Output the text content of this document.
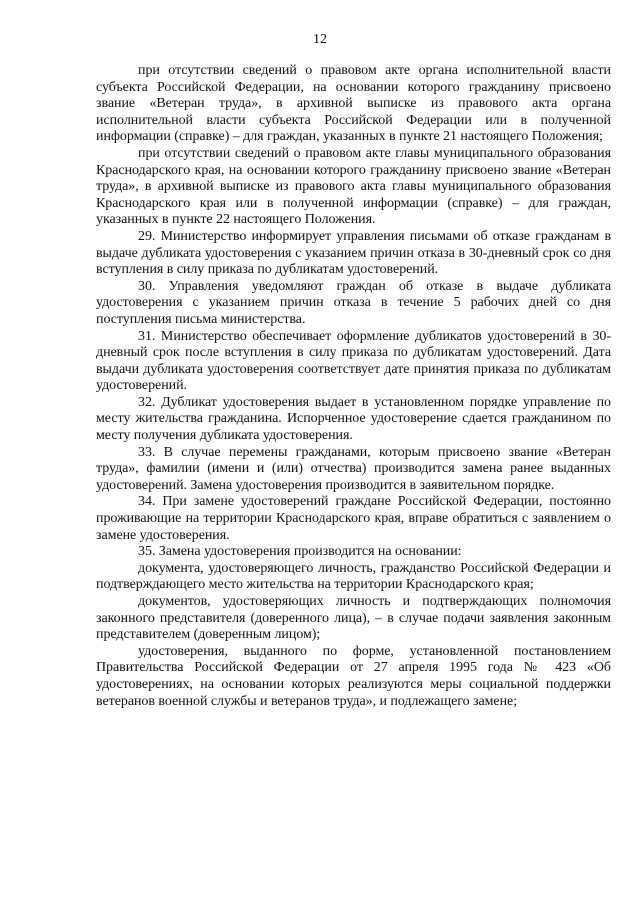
12

при отсутствии сведений о правовом акте органа исполнительной власти субъекта Российской Федерации, на основании которого гражданину присвоено звание «Ветеран труда», в архивной выписке из правового акта органа исполнительной власти субъекта Российской Федерации или в полученной информации (справке) – для граждан, указанных в пункте 21 настоящего Положения;

при отсутствии сведений о правовом акте главы муниципального образования Краснодарского края, на основании которого гражданину присвоено звание «Ветеран труда», в архивной выписке из правового акта главы муниципального образования Краснодарского края или в полученной информации (справке) – для граждан, указанных в пункте 22 настоящего Положения.

29. Министерство информирует управления письмами об отказе гражданам в выдаче дубликата удостоверения с указанием причин отказа в 30-дневный срок со дня вступления в силу приказа по дубликатам удостоверений.

30. Управления уведомляют граждан об отказе в выдаче дубликата удостоверения с указанием причин отказа в течение 5 рабочих дней со дня поступления письма министерства.

31. Министерство обеспечивает оформление дубликатов удостоверений в 30-дневный срок после вступления в силу приказа по дубликатам удостоверений. Дата выдачи дубликата удостоверения соответствует дате принятия приказа по дубликатам удостоверений.

32. Дубликат удостоверения выдает в установленном порядке управление по месту жительства гражданина. Испорченное удостоверение сдается гражданином по месту получения дубликата удостоверения.

33. В случае перемены гражданами, которым присвоено звание «Ветеран труда», фамилии (имени и (или) отчества) производится замена ранее выданных удостоверений. Замена удостоверения производится в заявительном порядке.

34. При замене удостоверений граждане Российской Федерации, постоянно проживающие на территории Краснодарского края, вправе обратиться с заявлением о замене удостоверения.

35. Замена удостоверения производится на основании:

документа, удостоверяющего личность, гражданство Российской Федерации и подтверждающего место жительства на территории Краснодарского края;

документов, удостоверяющих личность и подтверждающих полномочия законного представителя (доверенного лица), – в случае подачи заявления законным представителем (доверенным лицом);

удостоверения, выданного по форме, установленной постановлением Правительства Российской Федерации от 27 апреля 1995 года № 423 «Об удостоверениях, на основании которых реализуются меры социальной поддержки ветеранов военной службы и ветеранов труда», и подлежащего замене;
